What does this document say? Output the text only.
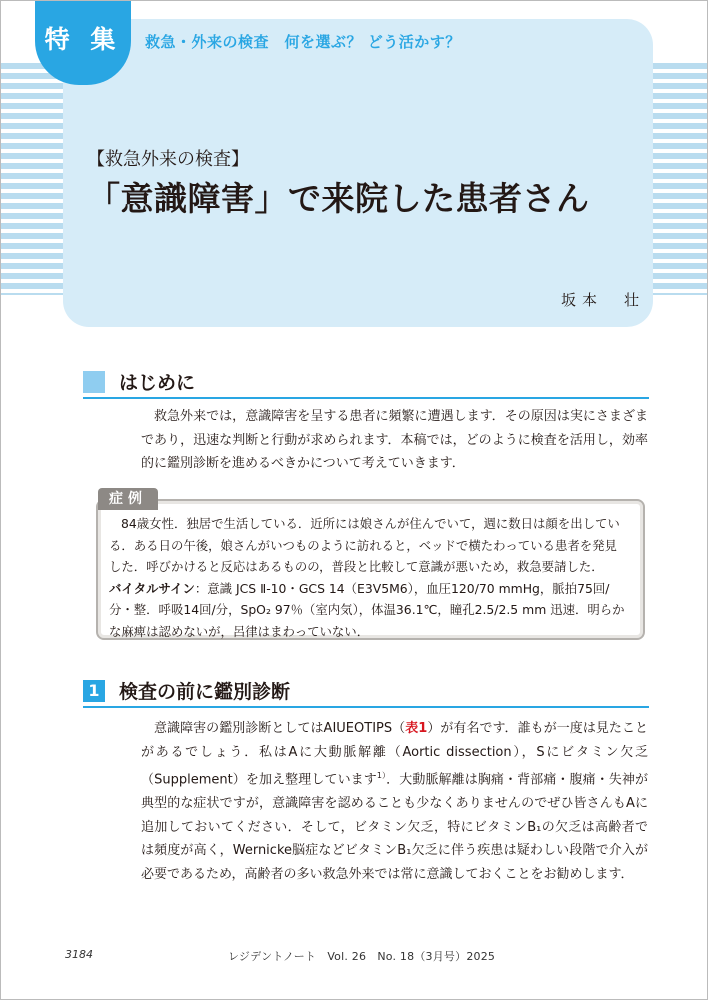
特 集	救急・外来の検査　何を選ぶ？ どう活かす？
【救急外来の検査】
「意識障害」で来院した患者さん
坂本　壮
はじめに

救急外来では，意識障害を呈する患者に頻繁に遭遇します．その原因は実にさまざまであり，迅速な判断と行動が求められます．本稿では，どのように検査を活用し，効率的に鑑別診断を進めるべきかについて考えていきます．

症例
84歳女性．独居で生活している．近所には娘さんが住んでいて，週に数日は顔を出している．ある日の午後，娘さんがいつものように訪れると，ベッドで横たわっている患者を発見した．呼びかけると反応はあるものの，普段と比較して意識が悪いため，救急要請した．
バイタルサイン：意識 JCS Ⅱ-10・GCS 14（E3V5M6），血圧120/70 mmHg，脈拍75回/分・整．呼吸14回/分，SpO₂ 97％（室内気），体温36.1℃，瞳孔2.5/2.5 mm 迅速．明らかな麻痺は認めないが，呂律はまわっていない．
1 検査の前に鑑別診断

意識障害の鑑別診断としてはAIUEOTIPS（表1）が有名です．誰もが一度は見たことがあるでしょう．私はAに大動脈解離（Aortic dissection），Sにビタミン欠乏（Supplement）を加え整理しています$^{1)}$．大動脈解離は胸痛・背部痛・腹痛・失神が典型的な症状ですが，意識障害を認めることも少なくありませんのでぜひ皆さんもAに追加しておいてください．そして，ビタミン欠乏，特にビタミンB₁の欠乏は高齢者では頻度が高く，Wernicke脳症などビタミンB₁欠乏に伴う疾患は疑わしい段階で介入が必要であるため，高齢者の多い救急外来では常に意識しておくことをお勧めします．

3184	レジデントノート　Vol. 26　No. 18（3月号）2025
